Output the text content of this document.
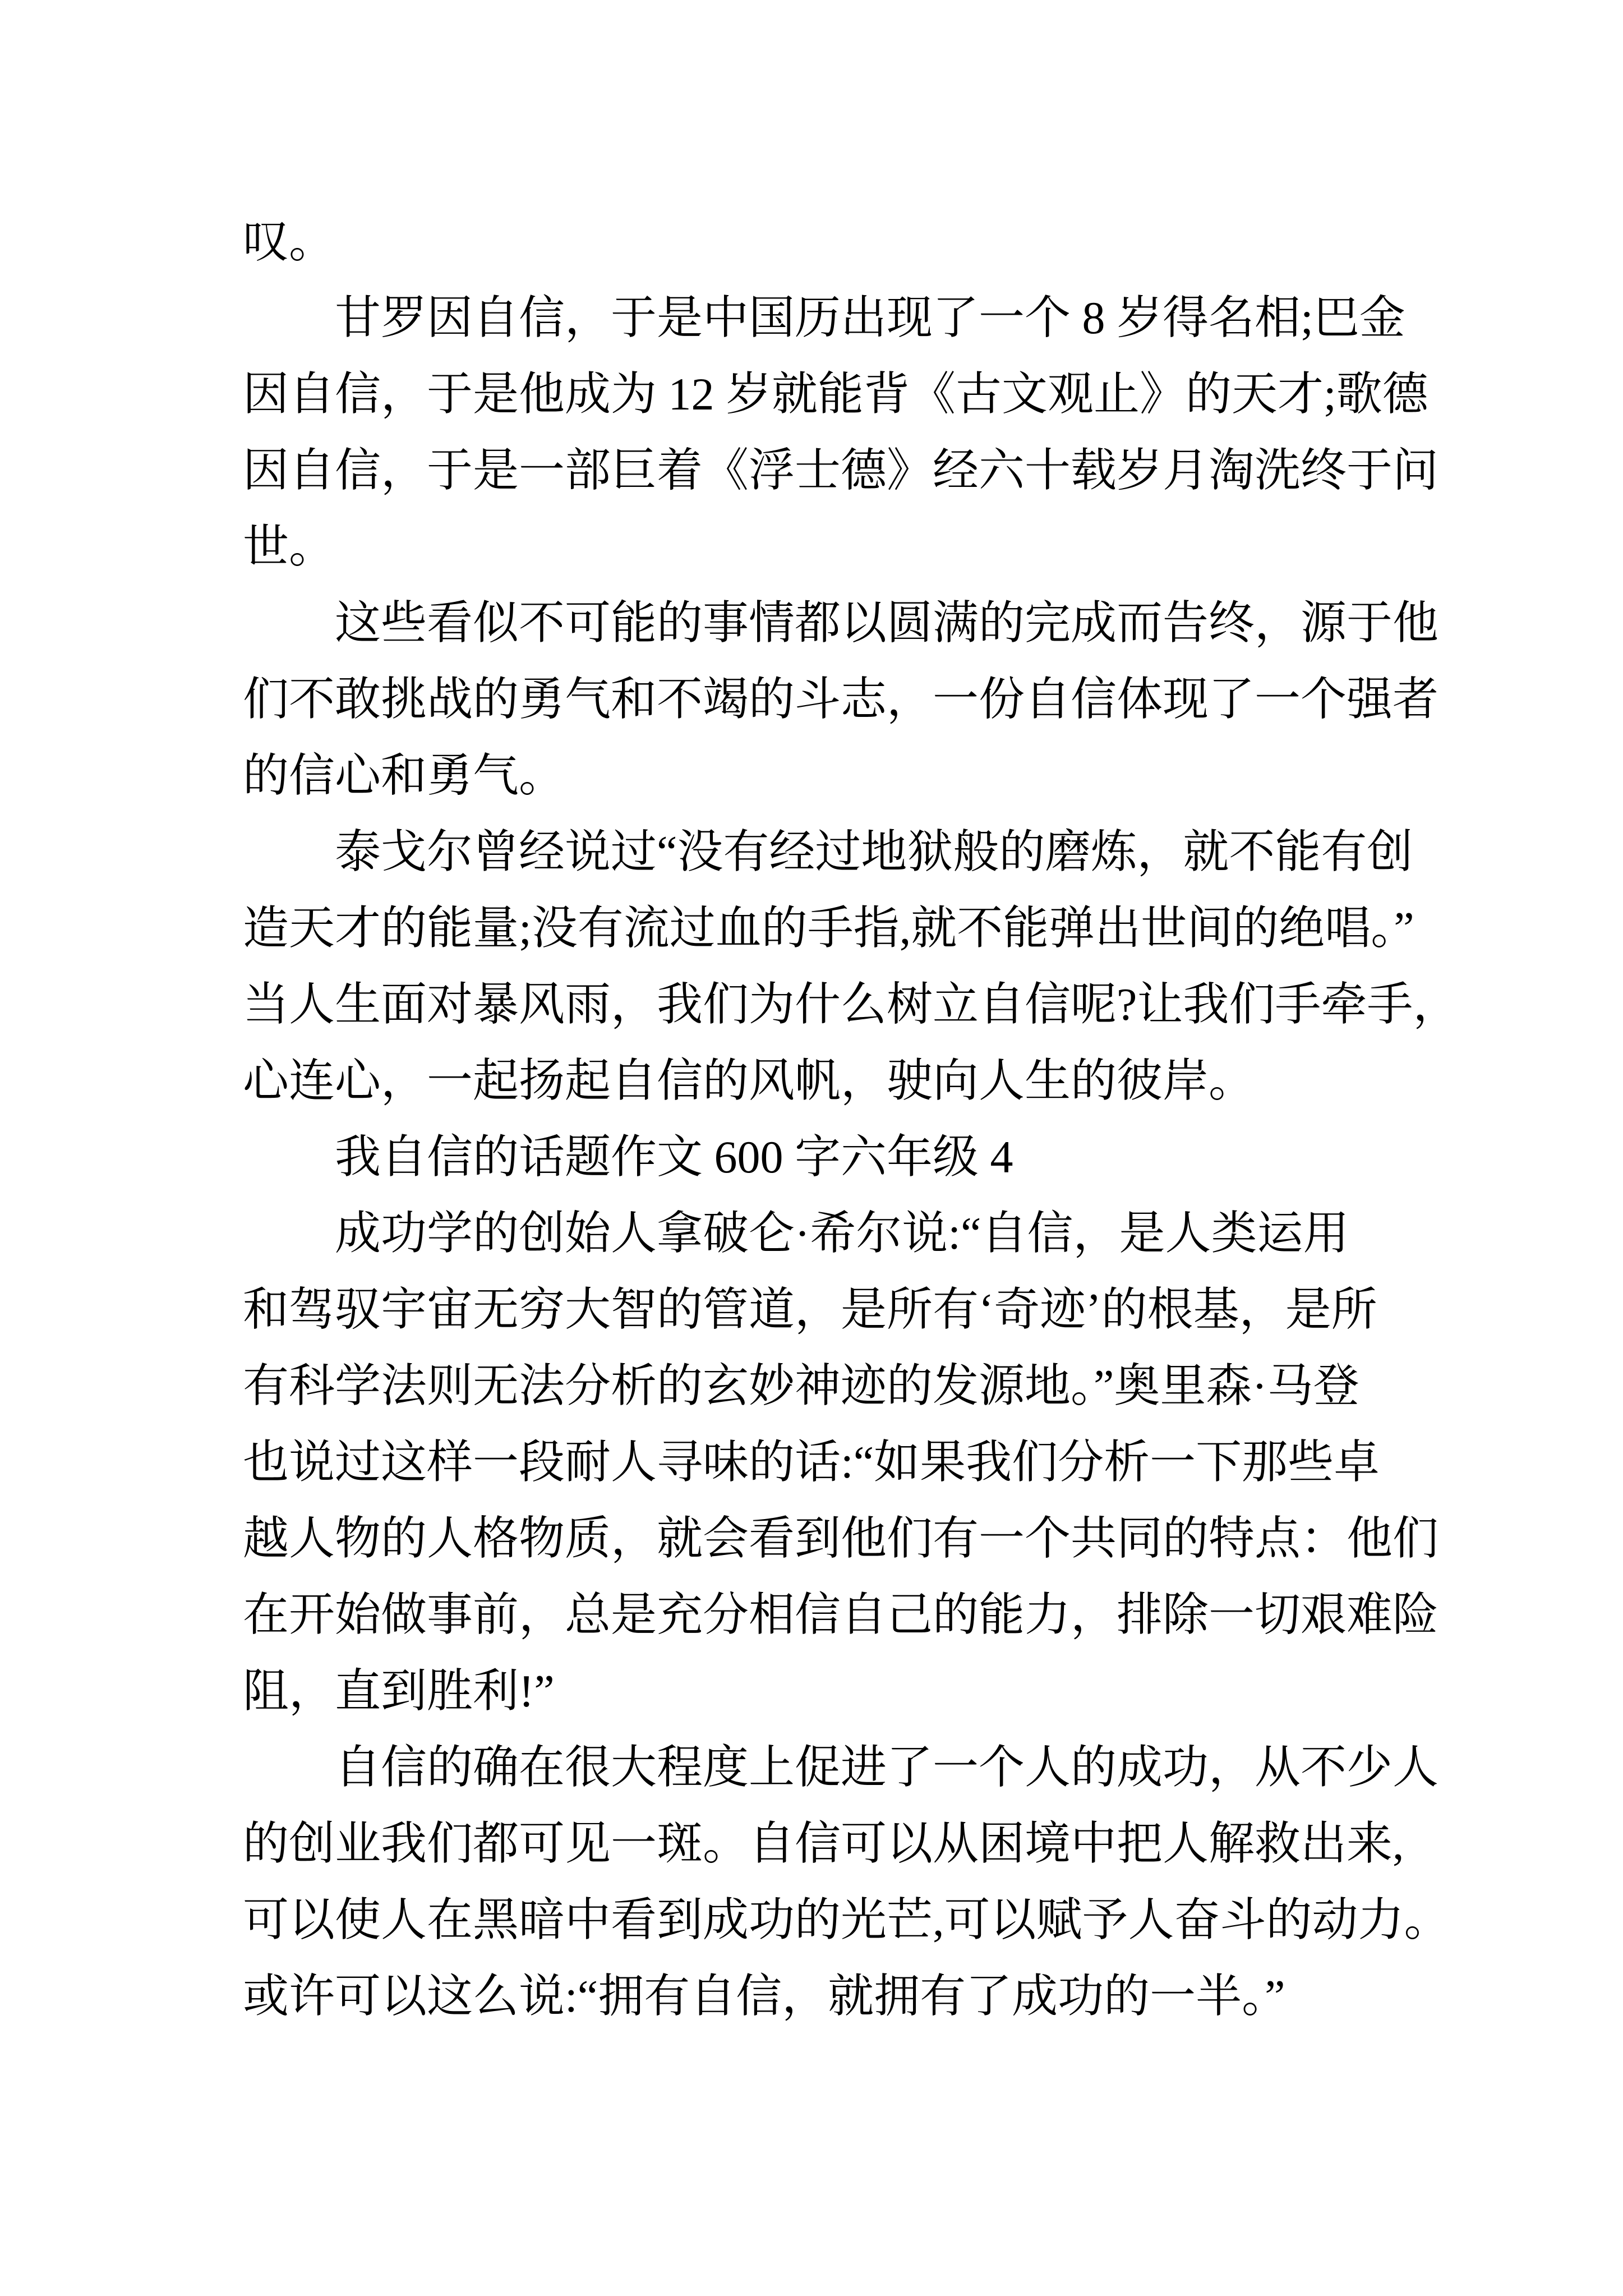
叹。
甘罗因自信，于是中国历出现了一个 8 岁得名相;巴金
因自信，于是他成为 12 岁就能背《古文观止》的天才;歌德
因自信，于是一部巨着《浮士德》经六十载岁月淘洗终于问
世。
这些看似不可能的事情都以圆满的完成而告终，源于他
们不敢挑战的勇气和不竭的斗志，一份自信体现了一个强者
的信心和勇气。
泰戈尔曾经说过“没有经过地狱般的磨炼，就不能有创
造天才的能量;没有流过血的手指,就不能弹出世间的绝唱。”
当人生面对暴风雨，我们为什么树立自信呢?让我们手牵手，
心连心，一起扬起自信的风帆，驶向人生的彼岸。
我自信的话题作文 600 字六年级 4
成功学的创始人拿破仑·希尔说:“自信，是人类运用
和驾驭宇宙无穷大智的管道，是所有‘奇迹’的根基，是所
有科学法则无法分析的玄妙神迹的发源地。”奥里森·马登
也说过这样一段耐人寻味的话:“如果我们分析一下那些卓
越人物的人格物质，就会看到他们有一个共同的特点：他们
在开始做事前，总是充分相信自己的能力，排除一切艰难险
阻，直到胜利!”
自信的确在很大程度上促进了一个人的成功，从不少人
的创业我们都可见一斑。自信可以从困境中把人解救出来,
可以使人在黑暗中看到成功的光芒,可以赋予人奋斗的动力。
或许可以这么说:“拥有自信，就拥有了成功的一半。”
